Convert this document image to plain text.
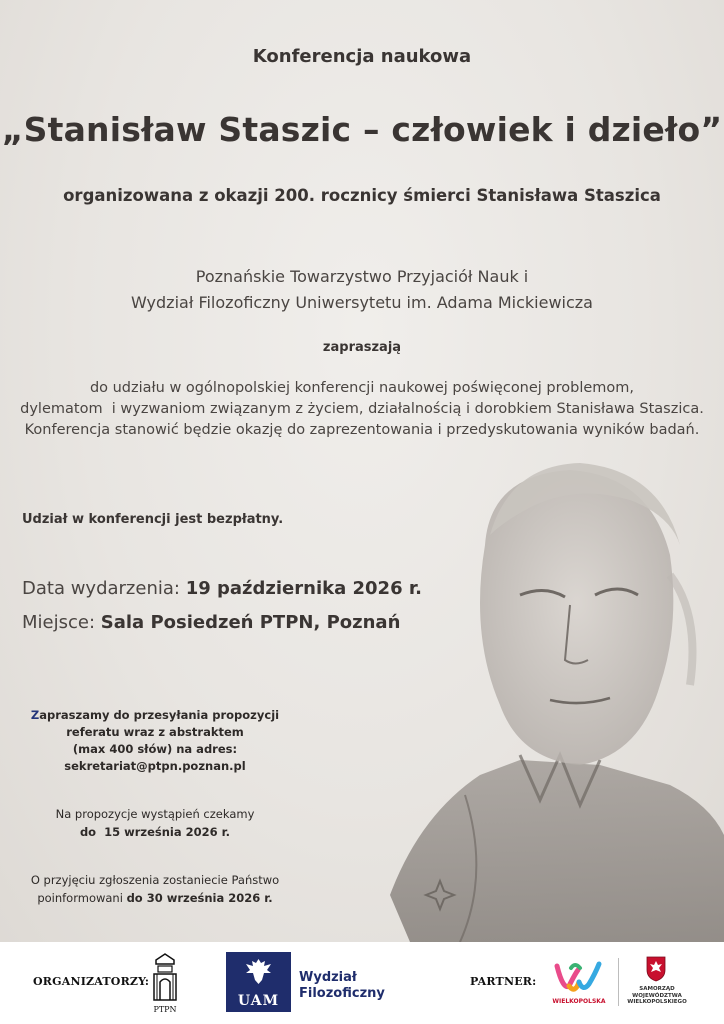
Konferencja naukowa
„Stanisław Staszic – człowiek i dzieło”
organizowana z okazji 200. rocznicy śmierci Stanisława Staszica
Poznańskie Towarzystwo Przyjaciół Nauk i
Wydział Filozoficzny Uniwersytetu im. Adama Mickiewicza
zapraszają
do udziału w ogólnopolskiej konferencji naukowej poświęconej problemom,
dylematom  i wyzwaniom związanym z życiem, działalnością i dorobkiem Stanisława Staszica.
Konferencja stanowić będzie okazję do zaprezentowania i przedyskutowania wyników badań.
Udział w konferencji jest bezpłatny.
Data wydarzenia: 19 października 2026 r.
Miejsce: Sala Posiedzeń PTPN, Poznań
Zapraszamy do przesyłania propozycji
referatu wraz z abstraktem
(max 400 słów) na adres:
sekretariat@ptpn.poznan.pl
Na propozycje wystąpień czekamy
do  15 września 2026 r.
O przyjęciu zgłoszenia zostaniecie Państwo
poinformowani do 30 września 2026 r.
ORGANIZATORZY:
PTPN
UAM
Wydział
Filozoficzny
PARTNER:
WIELKOPOLSKA
SAMORZĄD
WOJEWÓDZTWA
WIELKOPOLSKIEGO
